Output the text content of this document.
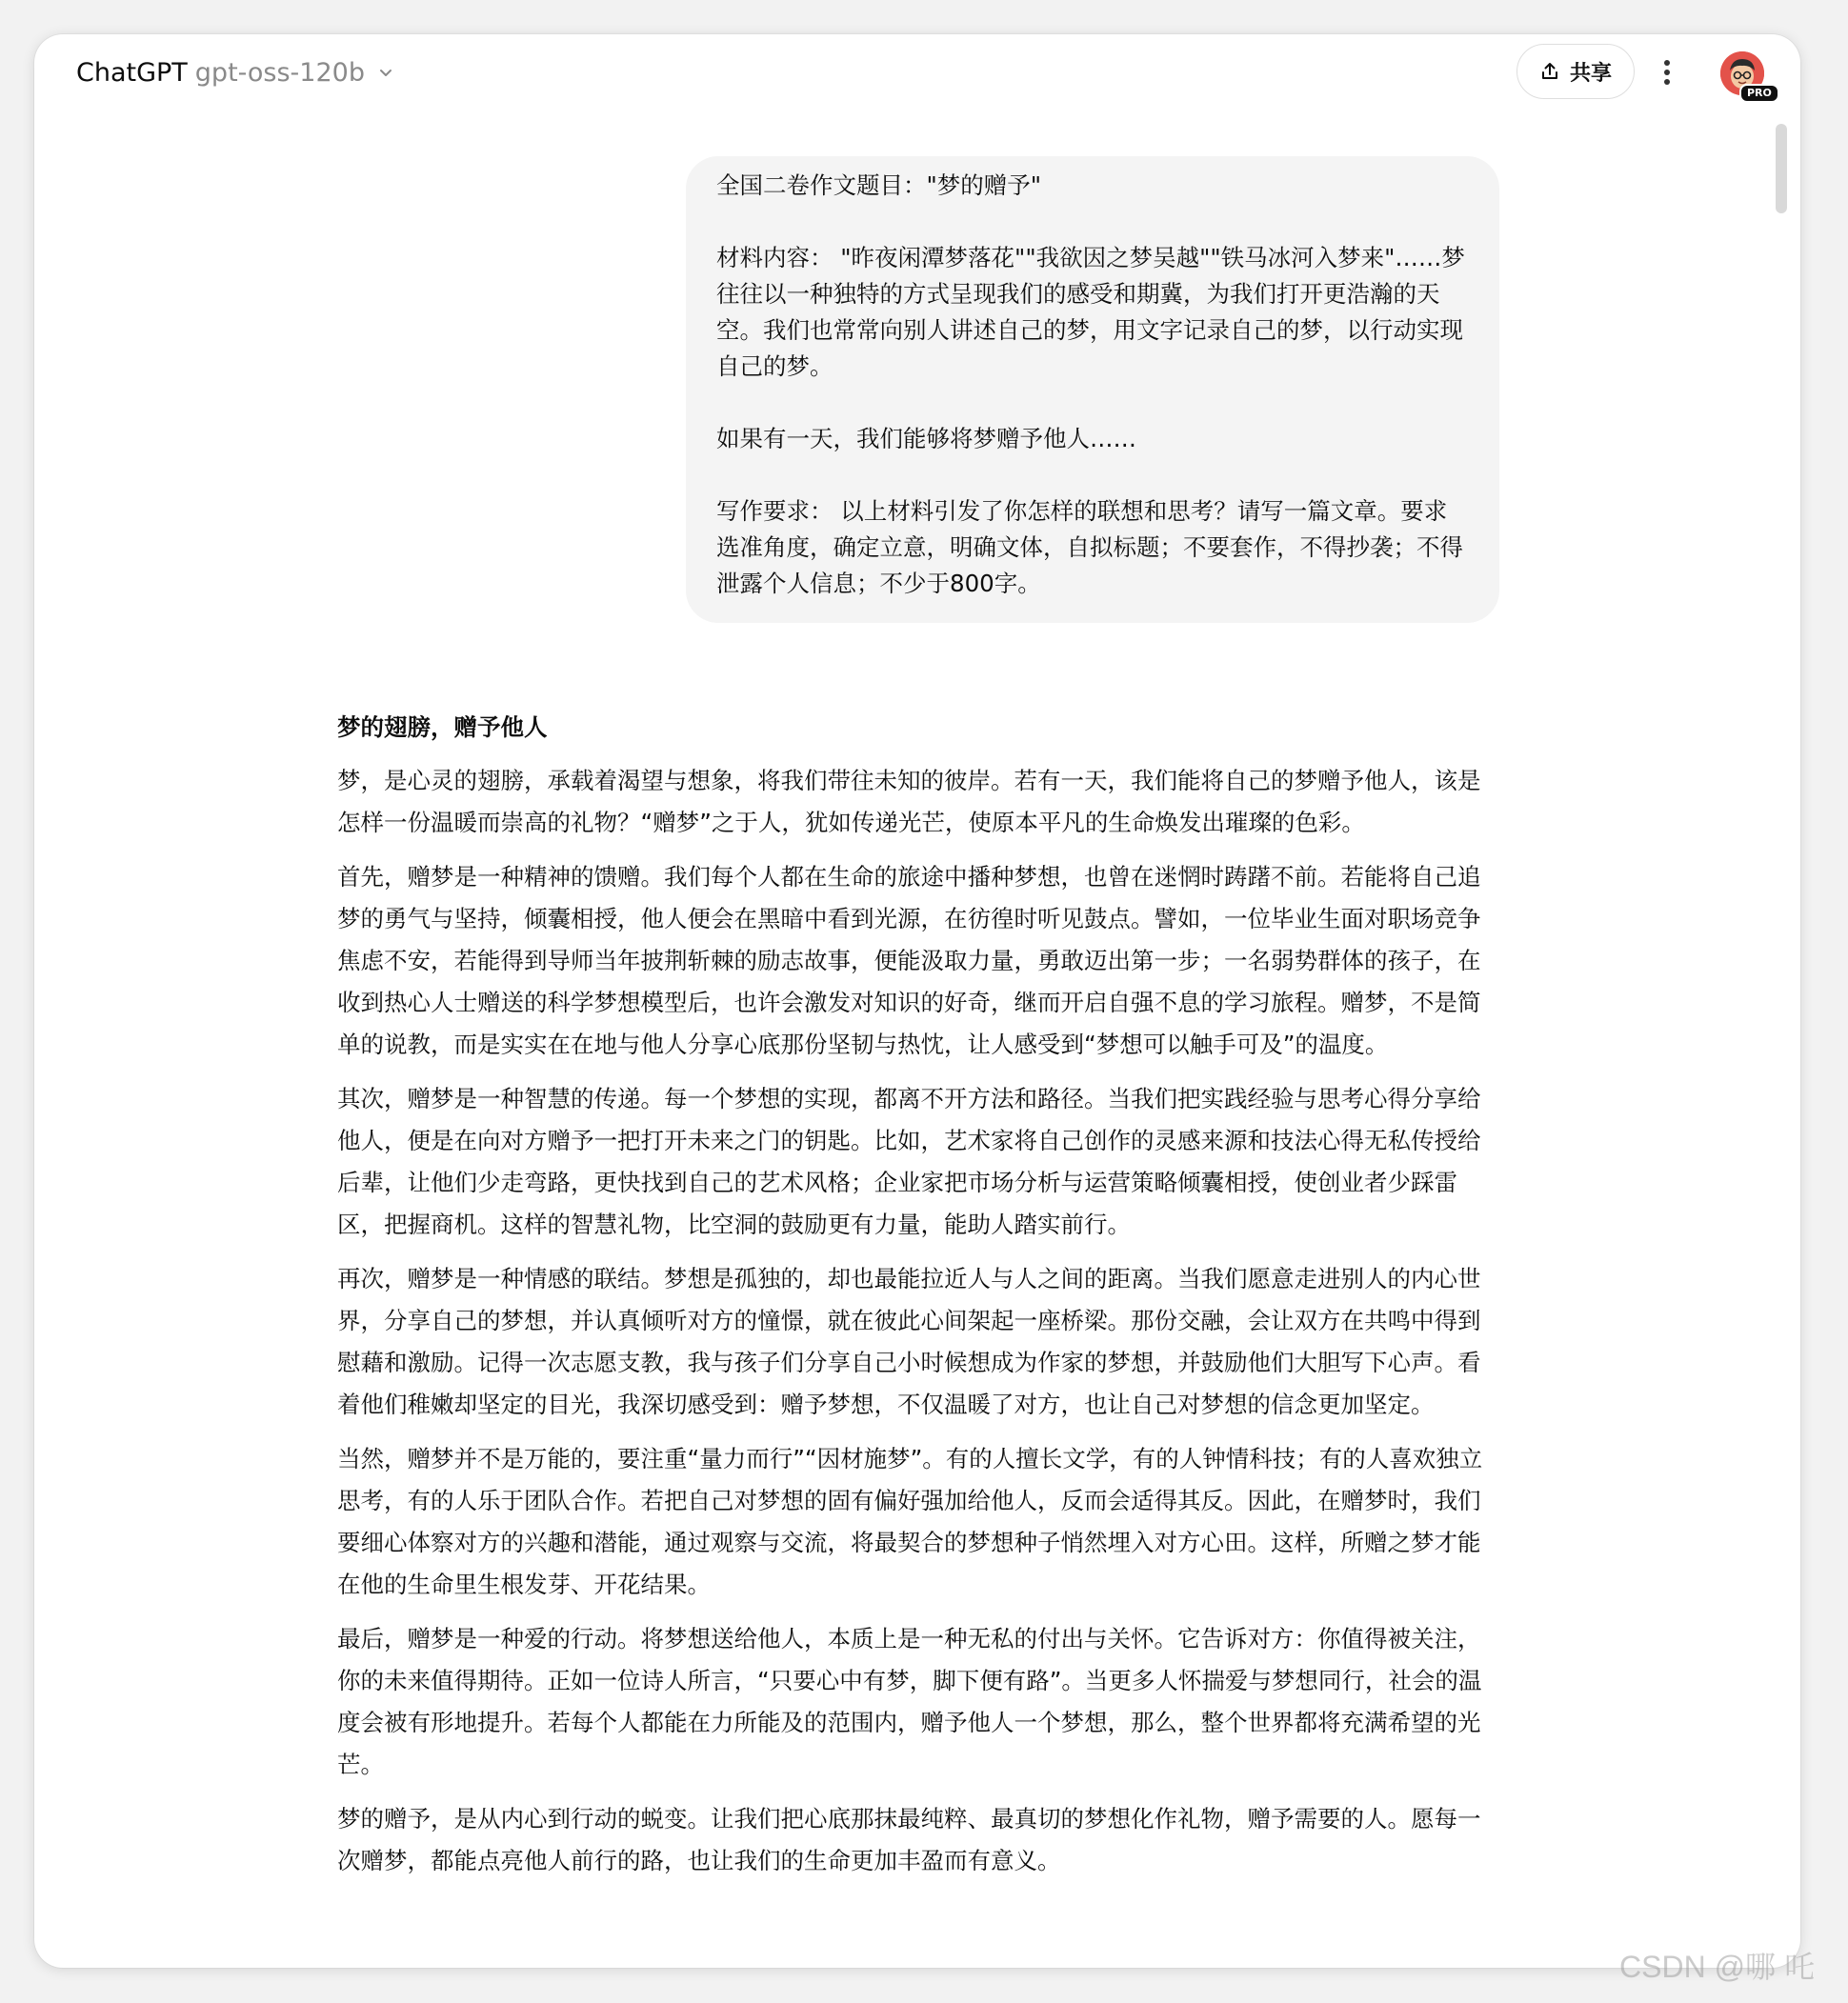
ChatGPT gpt-oss-120b	共享
PRO

全国二卷作文题目："梦的赠予"

材料内容： "昨夜闲潭梦落花""我欲因之梦吴越""铁马冰河入梦来"……梦往往以一种独特的方式呈现我们的感受和期冀，为我们打开更浩瀚的天空。我们也常常向别人讲述自己的梦，用文字记录自己的梦，以行动实现自己的梦。

如果有一天，我们能够将梦赠予他人……

写作要求： 以上材料引发了你怎样的联想和思考？请写一篇文章。要求选准角度，确定立意，明确文体，自拟标题；不要套作，不得抄袭；不得泄露个人信息；不少于800字。

梦的翅膀，赠予他人

梦，是心灵的翅膀，承载着渴望与想象，将我们带往未知的彼岸。若有一天，我们能将自己的梦赠予他人，该是怎样一份温暖而崇高的礼物？“赠梦”之于人，犹如传递光芒，使原本平凡的生命焕发出璀璨的色彩。

首先，赠梦是一种精神的馈赠。我们每个人都在生命的旅途中播种梦想，也曾在迷惘时踌躇不前。若能将自己追梦的勇气与坚持，倾囊相授，他人便会在黑暗中看到光源，在彷徨时听见鼓点。譬如，一位毕业生面对职场竞争焦虑不安，若能得到导师当年披荆斩棘的励志故事，便能汲取力量，勇敢迈出第一步；一名弱势群体的孩子，在收到热心人士赠送的科学梦想模型后，也许会激发对知识的好奇，继而开启自强不息的学习旅程。赠梦，不是简单的说教，而是实实在在地与他人分享心底那份坚韧与热忱，让人感受到“梦想可以触手可及”的温度。

其次，赠梦是一种智慧的传递。每一个梦想的实现，都离不开方法和路径。当我们把实践经验与思考心得分享给他人，便是在向对方赠予一把打开未来之门的钥匙。比如，艺术家将自己创作的灵感来源和技法心得无私传授给后辈，让他们少走弯路，更快找到自己的艺术风格；企业家把市场分析与运营策略倾囊相授，使创业者少踩雷区，把握商机。这样的智慧礼物，比空洞的鼓励更有力量，能助人踏实前行。

再次，赠梦是一种情感的联结。梦想是孤独的，却也最能拉近人与人之间的距离。当我们愿意走进别人的内心世界，分享自己的梦想，并认真倾听对方的憧憬，就在彼此心间架起一座桥梁。那份交融，会让双方在共鸣中得到慰藉和激励。记得一次志愿支教，我与孩子们分享自己小时候想成为作家的梦想，并鼓励他们大胆写下心声。看着他们稚嫩却坚定的目光，我深切感受到：赠予梦想，不仅温暖了对方，也让自己对梦想的信念更加坚定。

当然，赠梦并不是万能的，要注重“量力而行”“因材施梦”。有的人擅长文学，有的人钟情科技；有的人喜欢独立思考，有的人乐于团队合作。若把自己对梦想的固有偏好强加给他人，反而会适得其反。因此，在赠梦时，我们要细心体察对方的兴趣和潜能，通过观察与交流，将最契合的梦想种子悄然埋入对方心田。这样，所赠之梦才能在他的生命里生根发芽、开花结果。

最后，赠梦是一种爱的行动。将梦想送给他人，本质上是一种无私的付出与关怀。它告诉对方：你值得被关注，你的未来值得期待。正如一位诗人所言，“只要心中有梦，脚下便有路”。当更多人怀揣爱与梦想同行，社会的温度会被有形地提升。若每个人都能在力所能及的范围内，赠予他人一个梦想，那么，整个世界都将充满希望的光芒。

梦的赠予，是从内心到行动的蜕变。让我们把心底那抹最纯粹、最真切的梦想化作礼物，赠予需要的人。愿每一次赠梦，都能点亮他人前行的路，也让我们的生命更加丰盈而有意义。

CSDN @哪 吒
